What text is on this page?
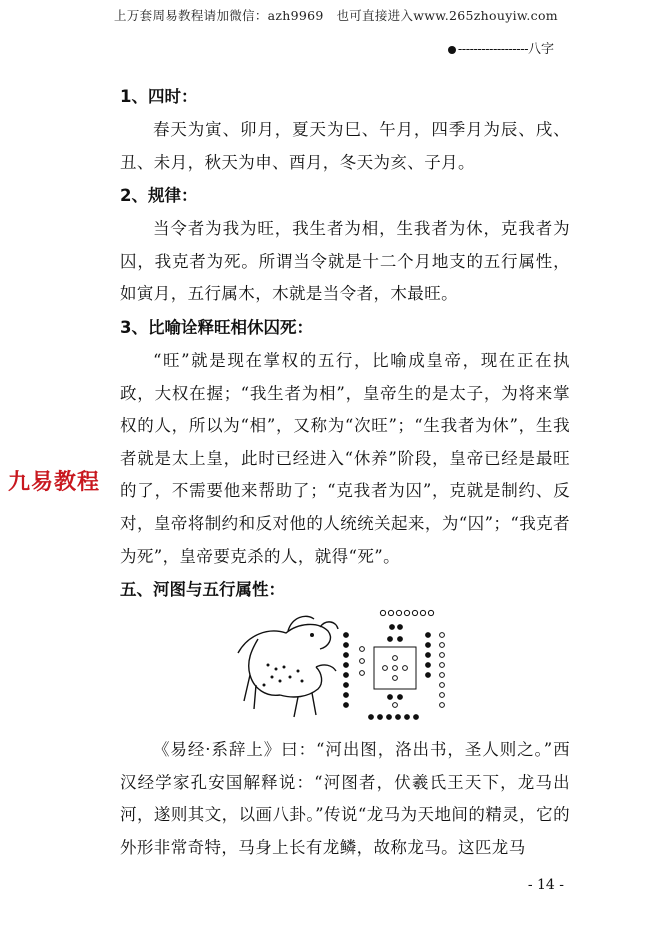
上万套周易教程请加微信：azh9969　也可直接进入www.265zhouyiw.com
------------------八字
九易教程

1、四时：

春天为寅、卯月，夏天为巳、午月，四季月为辰、戌、丑、未月，秋天为申、酉月，冬天为亥、子月。

2、规律：

当令者为我为旺，我生者为相，生我者为休，克我者为囚，我克者为死。所谓当令就是十二个月地支的五行属性，如寅月，五行属木，木就是当令者，木最旺。

3、比喻诠释旺相休囚死：

“旺”就是现在掌权的五行，比喻成皇帝，现在正在执政，大权在握；“我生者为相”，皇帝生的是太子，为将来掌权的人，所以为“相”，又称为“次旺”；“生我者为休”，生我者就是太上皇，此时已经进入“休养”阶段，皇帝已经是最旺的了，不需要他来帮助了；“克我者为囚”，克就是制约、反对，皇帝将制约和反对他的人统统关起来，为“囚”；“我克者为死”，皇帝要克杀的人，就得“死”。

五、河图与五行属性：

《易经·系辞上》曰：“河出图，洛出书，圣人则之。”西汉经学家孔安国解释说：“河图者，伏羲氏王天下，龙马出河，遂则其文，以画八卦。”传说“龙马为天地间的精灵，它的外形非常奇特，马身上长有龙鳞，故称龙马。这匹龙马

- 14 -
